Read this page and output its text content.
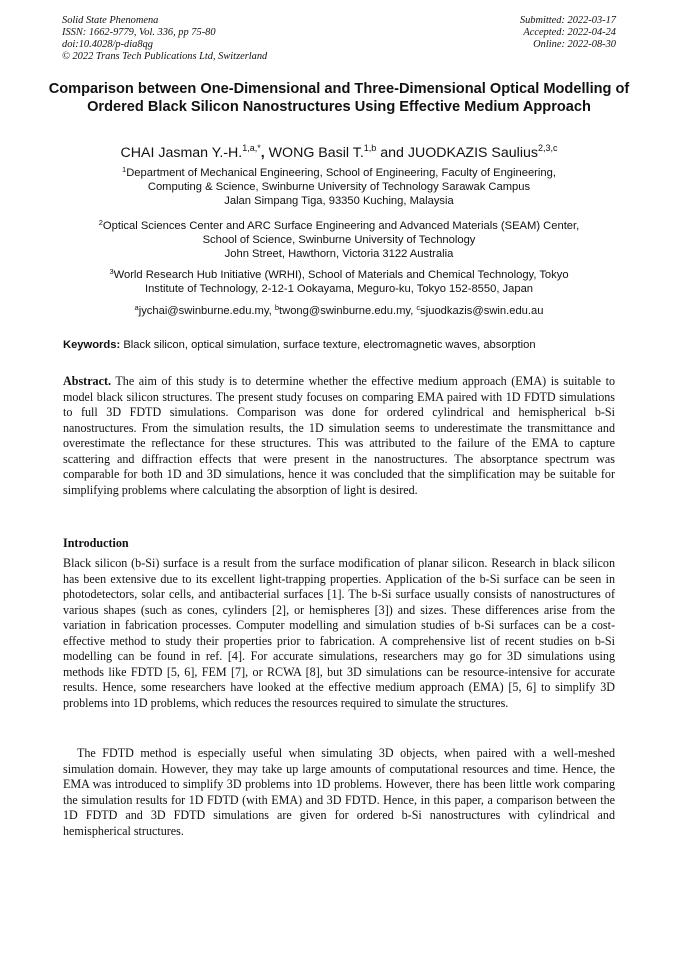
Solid State Phenomena
ISSN: 1662-9779, Vol. 336, pp 75-80
doi:10.4028/p-dia8qg
© 2022 Trans Tech Publications Ltd, Switzerland
Submitted: 2022-03-17
Accepted: 2022-04-24
Online: 2022-08-30
Comparison between One-Dimensional and Three-Dimensional Optical Modelling of Ordered Black Silicon Nanostructures Using Effective Medium Approach
CHAI Jasman Y.-H.$^{1,a,*}$, WONG Basil T.$^{1,b}$ and JUODKAZIS Saulius$^{2,3,c}$
$^1$Department of Mechanical Engineering, School of Engineering, Faculty of Engineering,
Computing & Science, Swinburne University of Technology Sarawak Campus
Jalan Simpang Tiga, 93350 Kuching, Malaysia
$^2$Optical Sciences Center and ARC Surface Engineering and Advanced Materials (SEAM) Center,
School of Science, Swinburne University of Technology
John Street, Hawthorn, Victoria 3122 Australia
$^3$World Research Hub Initiative (WRHI), School of Materials and Chemical Technology, Tokyo
Institute of Technology, 2-12-1 Ookayama, Meguro-ku, Tokyo 152-8550, Japan
$^a$jychai@swinburne.edu.my, $^b$twong@swinburne.edu.my, $^c$sjuodkazis@swin.edu.au
Keywords: Black silicon, optical simulation, surface texture, electromagnetic waves, absorption
Abstract. The aim of this study is to determine whether the effective medium approach (EMA) is suitable to model black silicon structures. The present study focuses on comparing EMA paired with 1D FDTD simulations to full 3D FDTD simulations. Comparison was done for ordered cylindrical and hemispherical b-Si nanostructures. From the simulation results, the 1D simulation seems to underestimate the transmittance and overestimate the reflectance for these structures. This was attributed to the failure of the EMA to capture scattering and diffraction effects that were present in the nanostructures. The absorptance spectrum was comparable for both 1D and 3D simulations, hence it was concluded that the simplification may be suitable for simplifying problems where calculating the absorption of light is desired.
Introduction
Black silicon (b-Si) surface is a result from the surface modification of planar silicon. Research in black silicon has been extensive due to its excellent light-trapping properties. Application of the b-Si surface can be seen in photodetectors, solar cells, and antibacterial surfaces [1]. The b-Si surface usually consists of nanostructures of various shapes (such as cones, cylinders [2], or hemispheres [3]) and sizes. These differences arise from the variation in fabrication processes. Computer modelling and simulation studies of b-Si surfaces can be a cost-effective method to study their properties prior to fabrication. A comprehensive list of recent studies on b-Si modelling can be found in ref. [4]. For accurate simulations, researchers may go for 3D simulations using methods like FDTD [5, 6], FEM [7], or RCWA [8], but 3D simulations can be resource-intensive for accurate results. Hence, some researchers have looked at the effective medium approach (EMA) [5, 6] to simplify 3D problems into 1D problems, which reduces the resources required to simulate the structures.
The FDTD method is especially useful when simulating 3D objects, when paired with a well-meshed simulation domain. However, they may take up large amounts of computational resources and time. Hence, the EMA was introduced to simplify 3D problems into 1D problems. However, there has been little work comparing the simulation results for 1D FDTD (with EMA) and 3D FDTD. Hence, in this paper, a comparison between the 1D FDTD and 3D FDTD simulations are given for ordered b-Si nanostructures with cylindrical and hemispherical structures.
